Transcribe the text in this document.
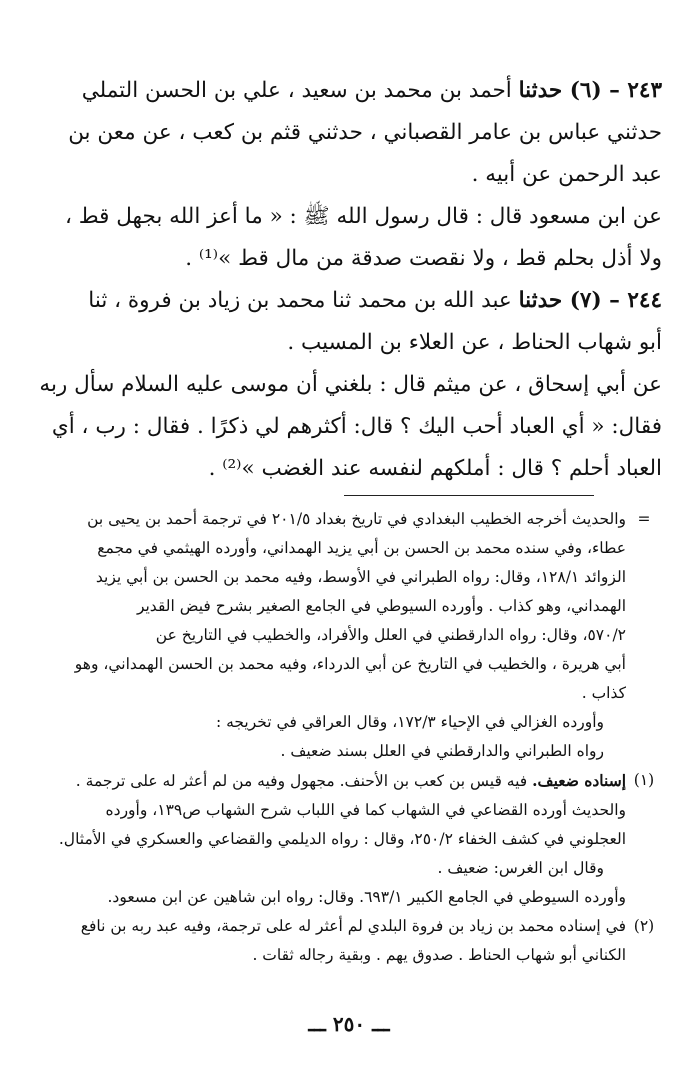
٢٤٣ – (٦) حدثنا أحمد بن محمد بن سعيد ، علي بن الحسن التملي

حدثني عباس بن عامر القصباني ، حدثني قثم بن كعب ، عن معن بن

عبد الرحمن عن أبيه .

عن ابن مسعود قال : قال رسول الله ﷺ : « ما أعز الله بجهل قط ،

ولا أذل بحلم قط ، ولا نقصت صدقة من مال قط »⁽¹⁾ .

٢٤٤ – (٧) حدثنا عبد الله بن محمد ثنا محمد بن زياد بن فروة ، ثنا

أبو شهاب الحناط ، عن العلاء بن المسيب .

عن أبي إسحاق ، عن ميثم قال : بلغني أن موسى عليه السلام سأل ربه

فقال: « أي العباد أحب اليك ؟ قال: أكثرهم لي ذكرًا . فقال : رب ، أي

العباد أحلم ؟ قال : أملكهم لنفسه عند الغضب »⁽²⁾ .

=

والحديث أخرجه الخطيب البغدادي في تاريخ بغداد ٢٠١/٥ في ترجمة أحمد بن يحيى بن

عطاء، وفي سنده محمد بن الحسن بن أبي يزيد الهمداني، وأورده الهيثمي في مجمع

الزوائد ١٢٨/١، وقال: رواه الطبراني في الأوسط، وفيه محمد بن الحسن بن أبي يزيد

الهمداني، وهو كذاب . وأورده السيوطي في الجامع الصغير بشرح فيض القدير

٥٧٠/٢، وقال: رواه الدارقطني في العلل والأفراد، والخطيب في التاريخ عن

أبي هريرة ، والخطيب في التاريخ عن أبي الدرداء، وفيه محمد بن الحسن الهمداني، وهو

كذاب .

وأورده الغزالي في الإحياء ١٧٢/٣، وقال العراقي في تخريجه :

رواه الطبراني والدارقطني في العلل بسند ضعيف .

(١)

إسناده ضعيف. فيه قيس بن كعب بن الأحنف. مجهول وفيه من لم أعثر له على ترجمة .

والحديث أورده القضاعي في الشهاب كما في اللباب شرح الشهاب ص١٣٩، وأورده

العجلوني في كشف الخفاء ٢٥٠/٢، وقال : رواه الديلمي والقضاعي والعسكري في الأمثال.

وقال ابن الغرس: ضعيف .

وأورده السيوطي في الجامع الكبير ٦٩٣/١. وقال: رواه ابن شاهين عن ابن مسعود.

(٢)

في إسناده محمد بن زياد بن فروة البلدي لم أعثر له على ترجمة، وفيه عبد ربه بن نافع

الكناني أبو شهاب الحناط . صدوق يهم . وبقية رجاله ثقات .

ـــ ٢٥٠ ـــ
